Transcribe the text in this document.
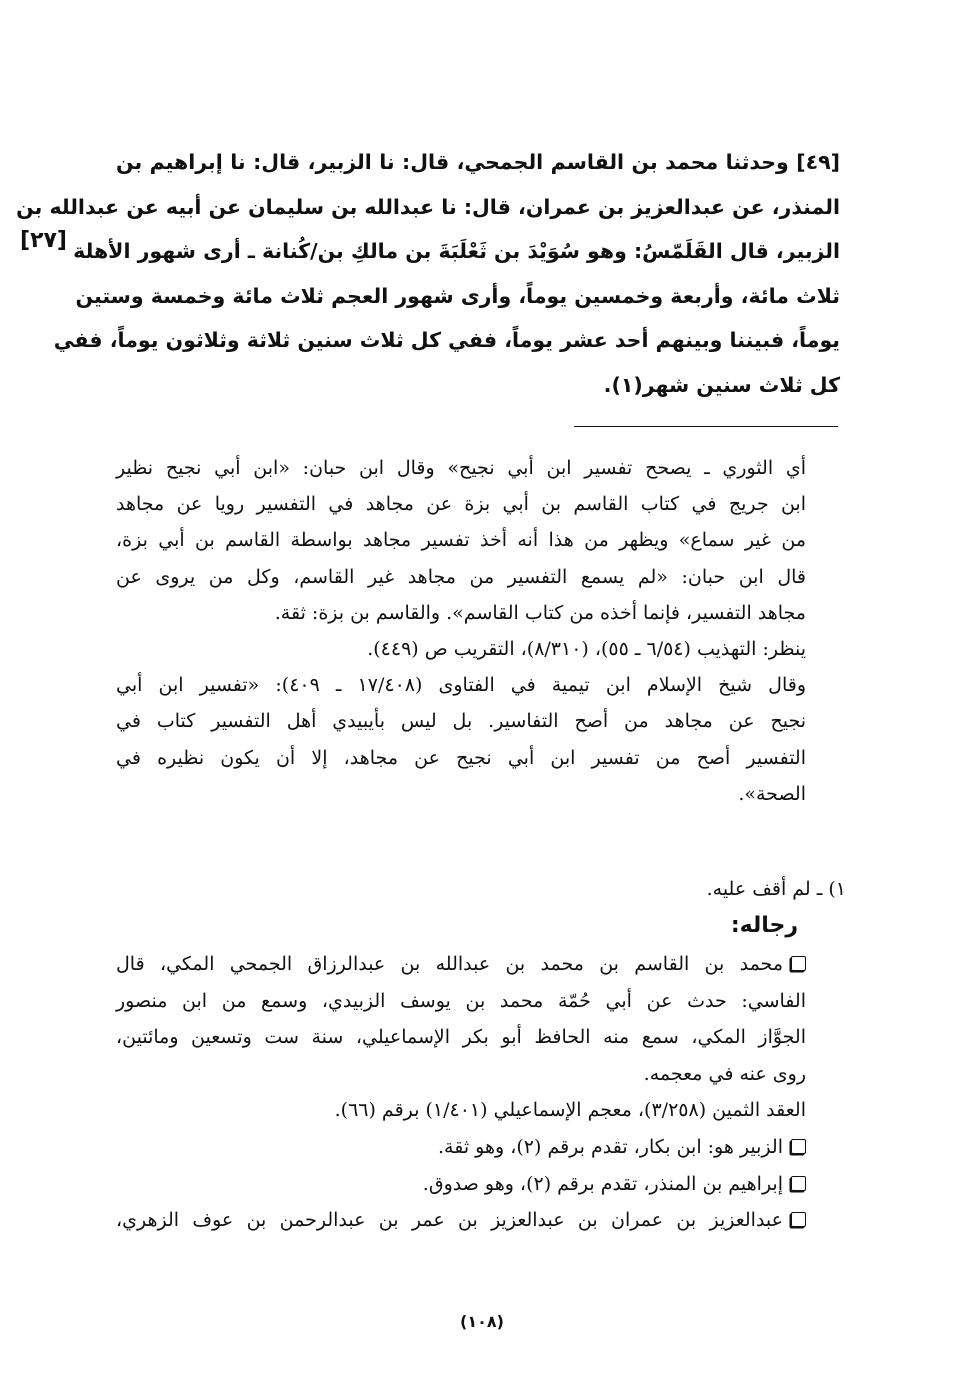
[٢٧]
[٤٩] وحدثنا محمد بن القاسم الجمحي، قال: نا الزبير، قال: نا إبراهيم بن
المنذر، عن عبدالعزيز بن عمران، قال: نا عبدالله بن سليمان عن أبيه عن عبدالله بن
الزبير، قال القَلَمّسُ: وهو سُوَيْدَ بن ثَعْلَبَةَ بن مالكِ بن/كُنانة ـ أرى شهور الأهلة
ثلاث مائة، وأربعة وخمسين يوماً، وأرى شهور العجم ثلاث مائة وخمسة وستين
يوماً، فبيننا وبينهم أحد عشر يوماً، ففي كل ثلاث سنين ثلاثة وثلاثون يوماً، ففي
كل ثلاث سنين شهر(١).
أي الثوري ـ يصحح تفسير ابن أبي نجيح» وقال ابن حبان: «ابن أبي نجيح نظير
ابن جريج في كتاب القاسم بن أبي بزة عن مجاهد في التفسير رويا عن مجاهد
من غير سماع» ويظهر من هذا أنه أخذ تفسير مجاهد بواسطة القاسم بن أبي بزة،
قال ابن حبان: «لم يسمع التفسير من مجاهد غير القاسم، وكل من يروى عن
مجاهد التفسير، فإنما أخذه من كتاب القاسم». والقاسم بن بزة: ثقة.
ينظر: التهذيب (٦/٥٤ ـ ٥٥)، (٨/٣١٠)، التقريب ص (٤٤٩).
وقال شيخ الإسلام ابن تيمية في الفتاوى (١٧/٤٠٨ ـ ٤٠٩): «تفسير ابن أبي
نجيح عن مجاهد من أصح التفاسير. بل ليس بأيبيدي أهل التفسير كتاب في
التفسير أصح من تفسير ابن أبي نجيح عن مجاهد، إلا أن يكون نظيره في
الصحة».
١) ـ لم أقف عليه.
رجاله:
محمد بن القاسم بن محمد بن عبدالله بن عبدالرزاق الجمحي المكي، قال
الفاسي: حدث عن أبي حُمّة محمد بن يوسف الزبيدي، وسمع من ابن منصور
الجوَّاز المكي، سمع منه الحافظ أبو بكر الإسماعيلي، سنة ست وتسعين ومائتين،
روى عنه في معجمه.
العقد الثمين (٣/٢٥٨)، معجم الإسماعيلي (١/٤٠١) برقم (٦٦).
الزبير هو: ابن بكار، تقدم برقم (٢)، وهو ثقة.
إبراهيم بن المنذر، تقدم برقم (٢)، وهو صدوق.
عبدالعزيز بن عمران بن عبدالعزيز بن عمر بن عبدالرحمن بن عوف الزهري،
(١٠٨)
